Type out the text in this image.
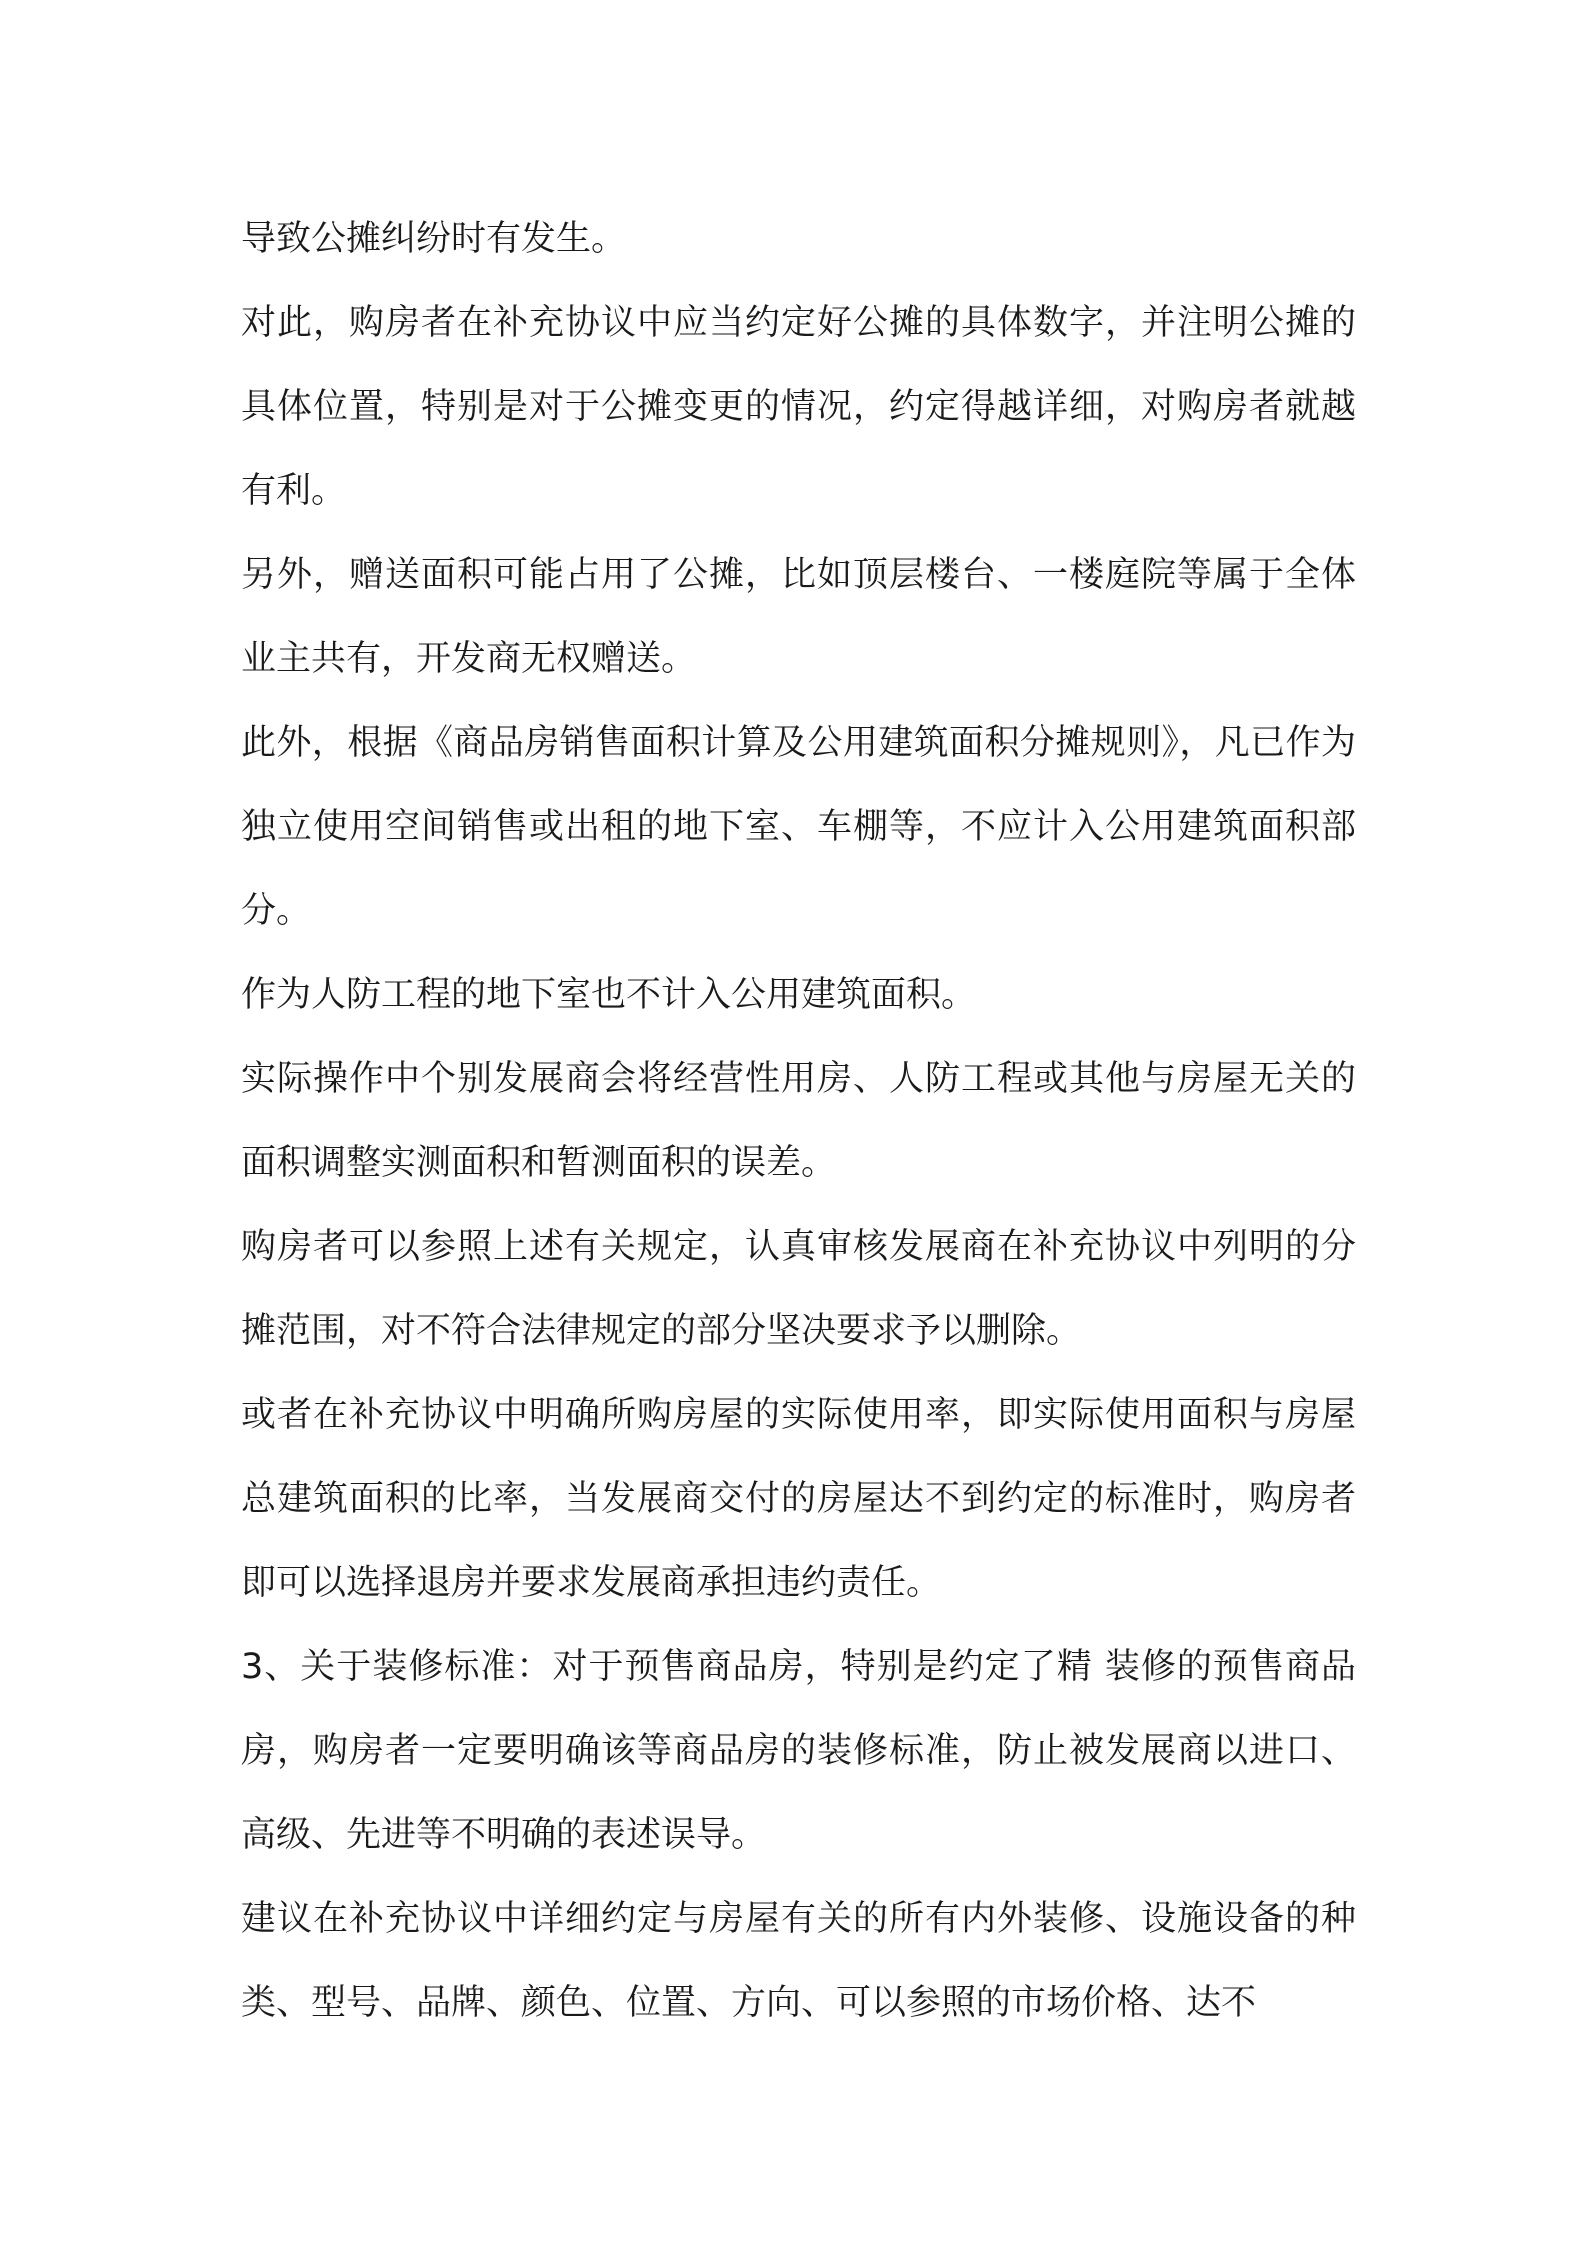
导致公摊纠纷时有发生。

对此，购房者在补充协议中应当约定好公摊的具体数字，并注明公摊的具体位置，特别是对于公摊变更的情况，约定得越详细，对购房者就越有利。

另外，赠送面积可能占用了公摊，比如顶层楼台、一楼庭院等属于全体业主共有，开发商无权赠送。

此外，根据《商品房销售面积计算及公用建筑面积分摊规则》，凡已作为独立使用空间销售或出租的地下室、车棚等，不应计入公用建筑面积部分。

作为人防工程的地下室也不计入公用建筑面积。

实际操作中个别发展商会将经营性用房、人防工程或其他与房屋无关的面积调整实测面积和暂测面积的误差。

购房者可以参照上述有关规定，认真审核发展商在补充协议中列明的分摊范围，对不符合法律规定的部分坚决要求予以删除。

或者在补充协议中明确所购房屋的实际使用率，即实际使用面积与房屋总建筑面积的比率，当发展商交付的房屋达不到约定的标准时，购房者即可以选择退房并要求发展商承担违约责任。

3、关于装修标准：对于预售商品房，特别是约定了精 装修的预售商品房，购房者一定要明确该等商品房的装修标准，防止被发展商以进口、高级、先进等不明确的表述误导。

建议在补充协议中详细约定与房屋有关的所有内外装修、设施设备的种类、型号、品牌、颜色、位置、方向、可以参照的市场价格、达不
